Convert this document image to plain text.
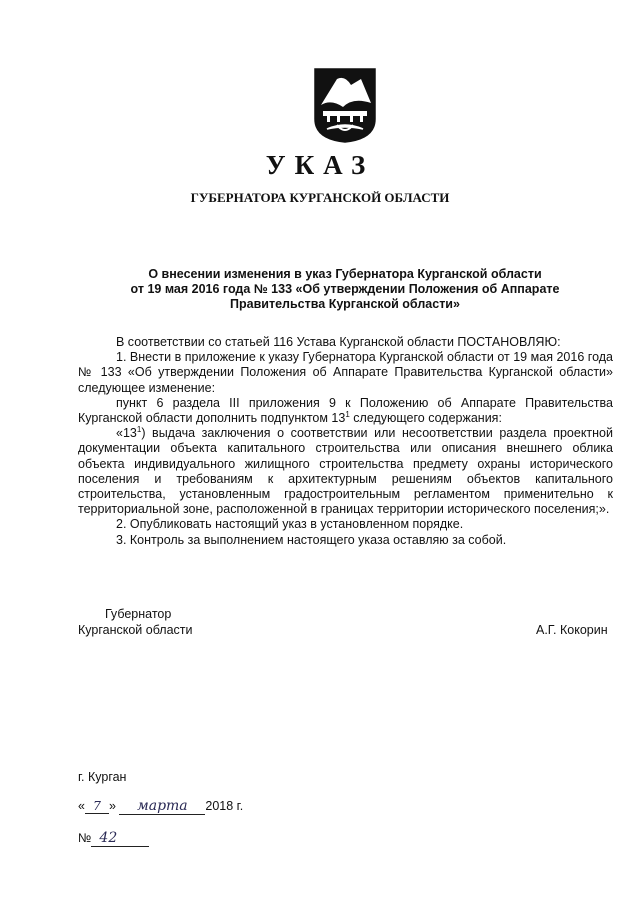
УКАЗ
ГУБЕРНАТОРА КУРГАНСКОЙ ОБЛАСТИ
О внесении изменения в указ Губернатора Курганской области
от 19 мая 2016 года № 133 «Об утверждении Положения об Аппарате
Правительства Курганской области»

В соответствии со статьей 116 Устава Курганской области ПОСТАНОВЛЯЮ:

1. Внести в приложение к указу Губернатора Курганской области от 19 мая 2016 года № 133 «Об утверждении Положения об Аппарате Правительства Курганской области» следующее изменение:

пункт 6 раздела III приложения 9 к Положению об Аппарате Правительства Курганской области дополнить подпунктом $13^1$ следующего содержания:

«$13^1$) выдача заключения о соответствии или несоответствии раздела проектной документации объекта капитального строительства или описания внешнего облика объекта индивидуального жилищного строительства предмету охраны исторического поселения и требованиям к архитектурным решениям объектов капитального строительства, установленным градостроительным регламентом применительно к территориальной зоне, расположенной в границах территории исторического поселения;».

2. Опубликовать настоящий указ в установленном порядке.

3. Контроль за выполнением настоящего указа оставляю за собой.

Губернатор
Курганской области	А.Г. Кокорин
г. Курган
« 7 » марта 2018 г.
№ 42
